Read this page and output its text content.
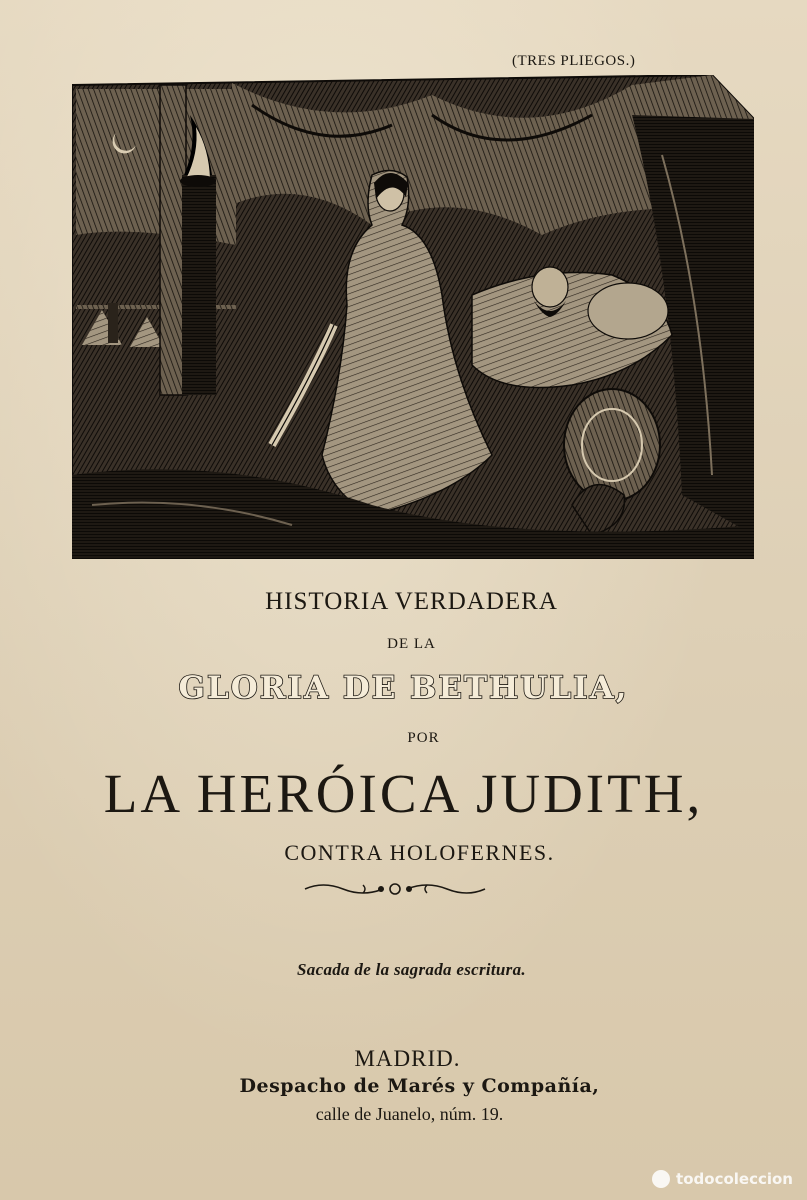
(TRES PLIEGOS.)
HISTORIA VERDADERA
DE LA
GLORIA DE BETHULIA,
POR
LA HERÓICA JUDITH,
CONTRA HOLOFERNES.
Sacada de la sagrada escritura.
MADRID.
Despacho de Marés y Compañía,
calle de Juanelo, núm. 19.
todocoleccion
